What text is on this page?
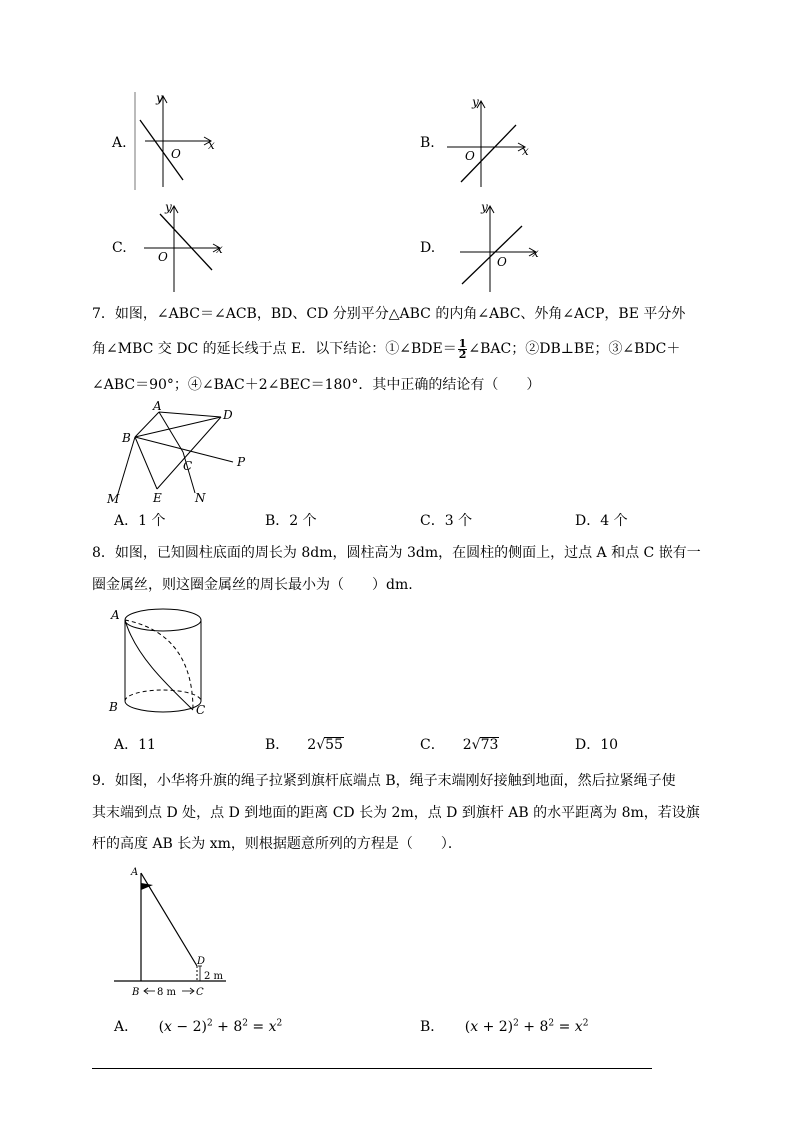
A.
y
x
O
B.
y
x
O
C.
y
x
O
D.
y
x
O
7．如图，∠ABC＝∠ACB，BD、CD 分别平分△ABC 的内角∠ABC、外角∠ACP，BE 平分外
角∠MBC 交 DC 的延长线于点 E．以下结论：①∠BDE＝ $\frac{1}{2}$ ∠BAC；②DB⊥BE；③∠BDC＋
∠ABC＝90°；④∠BAC＋2∠BEC＝180°．其中正确的结论有（　　）
A
D
B
C	P
E
M	N
A．1 个	B．2 个	C．3 个	D．4 个
8．如图，已知圆柱底面的周长为 8dm，圆柱高为 3dm，在圆柱的侧面上，过点 A 和点 C 嵌有一
圈金属丝，则这圈金属丝的周长最小为（　　）dm.
A
B	C
A．11	B． 2√55	C． 2√73	D．10
9．如图，小华将升旗的绳子拉紧到旗杆底端点 B，绳子末端刚好接触到地面，然后拉紧绳子使
其末端到点 D 处，点 D 到地面的距离 CD 长为 2m，点 D 到旗杆 AB 的水平距离为 8m，若设旗
杆的高度 AB 长为 xm，则根据题意所列的方程是（　　）．
A
B	C
D
2 m
8 m
A． $(x - 2)^2 + 8^2 = x^2$	B． $(x + 2)^2 + 8^2 = x^2$
